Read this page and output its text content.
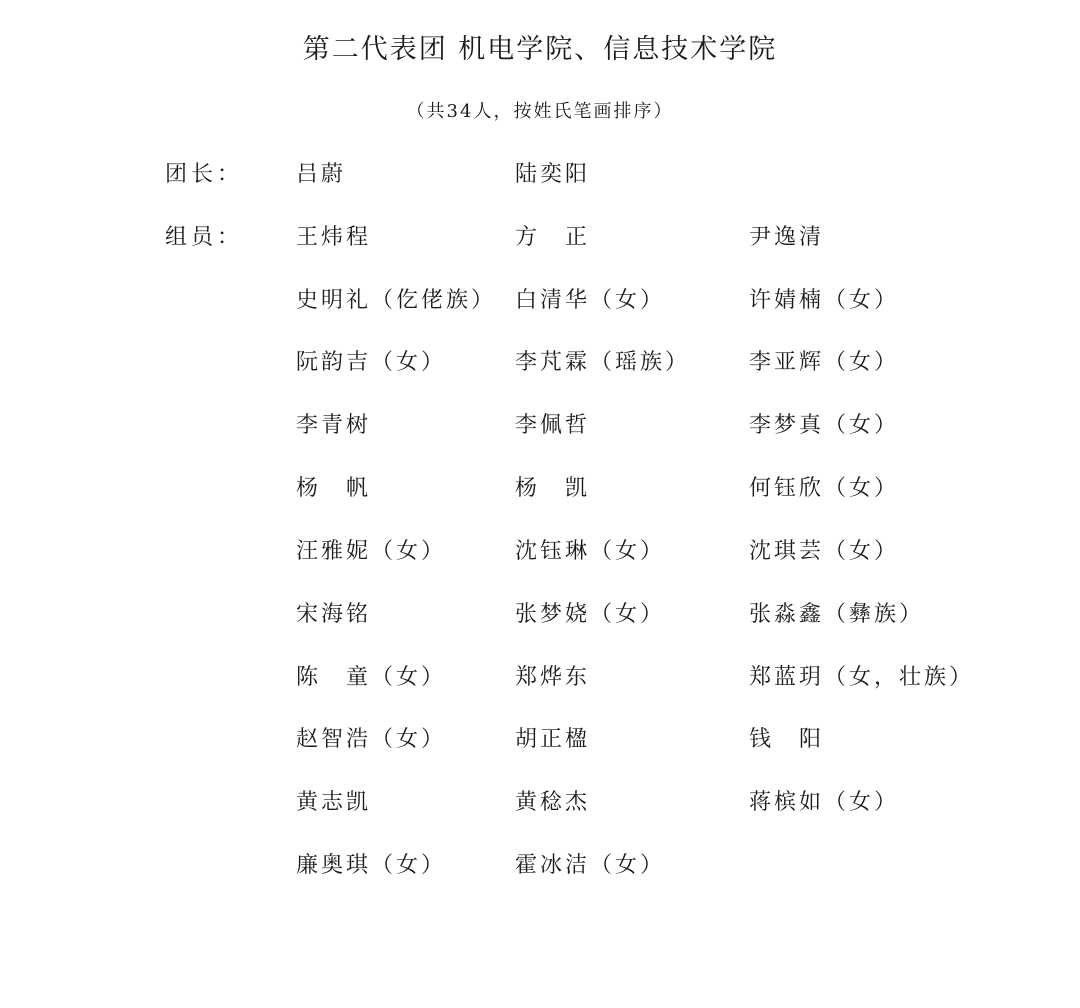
第二代表团 机电学院、信息技术学院
（共34人，按姓氏笔画排序）
团长： 吕蔚	陆奕阳
组员： 王炜程	方　正	尹逸清
史明礼（仡佬族） 白清华（女）	许婧楠（女）
阮韵吉（女）	李芃霖（瑶族）	李亚辉（女）
李青树	李佩哲	李梦真（女）
杨　帆	杨　凯	何钰欣（女）
汪雅妮（女）	沈钰琳（女）	沈琪芸（女）
宋海铭	张梦娆（女）	张淼鑫（彝族）
陈　童（女）	郑烨东	郑蓝玥（女，壮族）
赵智浩（女）	胡正楹	钱　阳
黄志凯	黄稔杰	蒋槟如（女）
廉奥琪（女）	霍冰洁（女）
